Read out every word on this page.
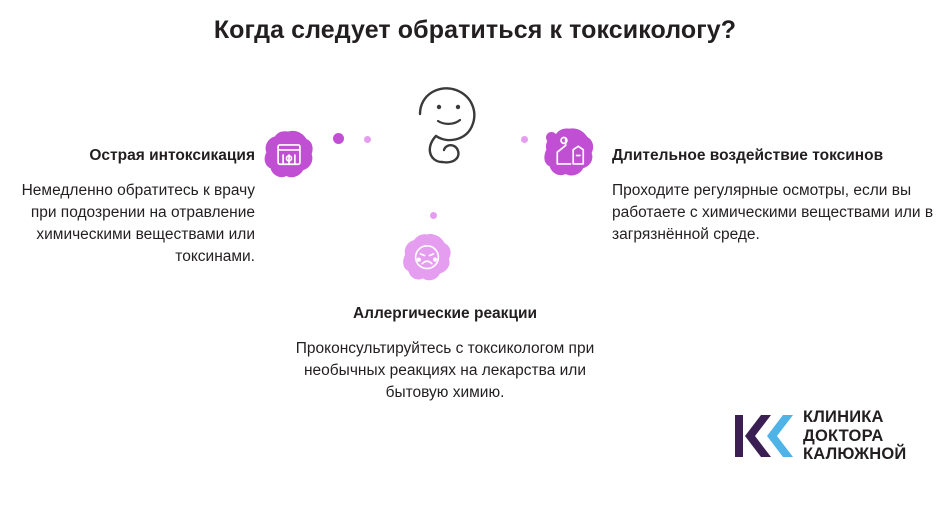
Когда следует обратиться к токсикологу?
Острая интоксикация
Немедленно обратитесь к врачу при подозрении на отравление химическими веществами или токсинами.
Длительное воздействие токсинов
Проходите регулярные осмотры, если вы работаете с химическими веществами или в загрязнённой среде.
Аллергические реакции
Проконсультируйтесь с токсикологом при необычных реакциях на лекарства или бытовую химию.
КЛИНИКА
ДОКТОРА
КАЛЮЖНОЙ
